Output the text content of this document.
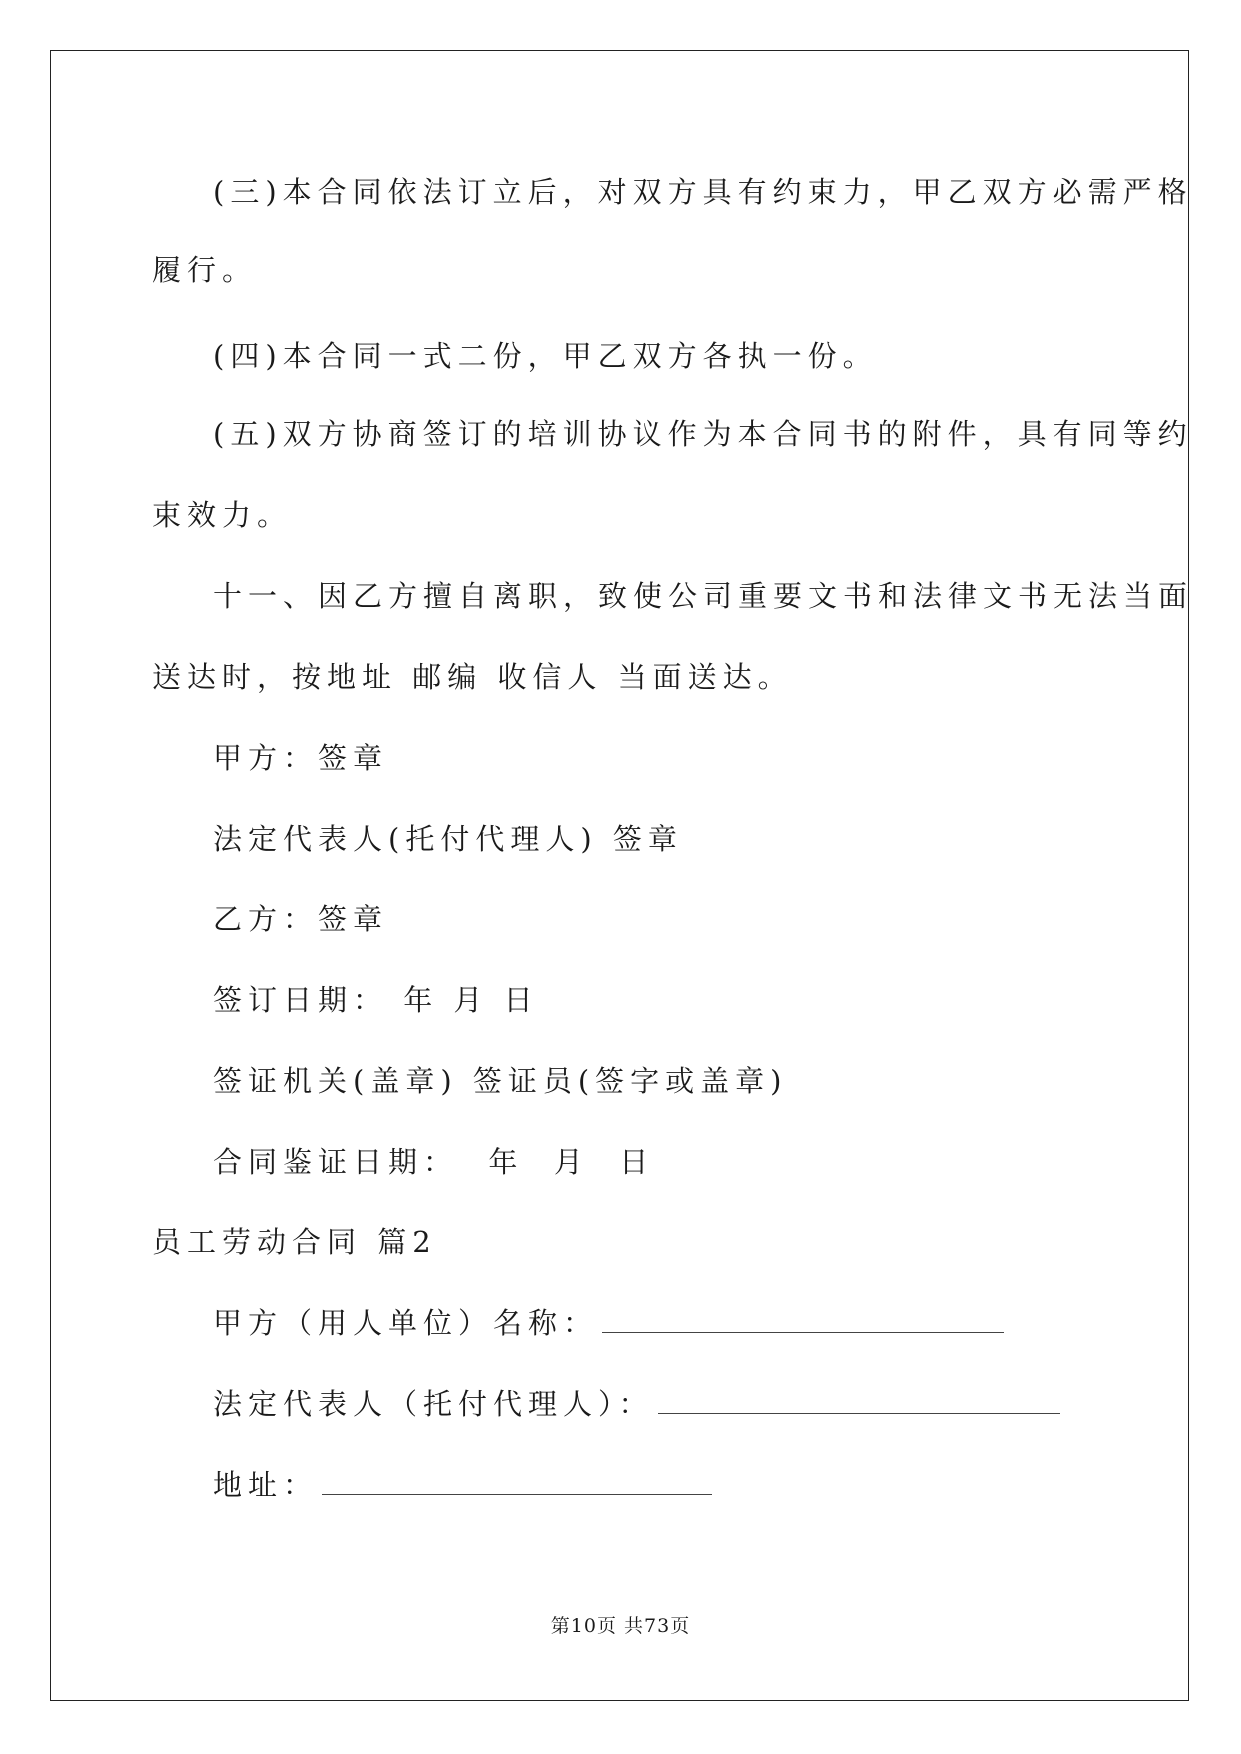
(三)本合同依法订立后，对双方具有约束力，甲乙双方必需严格
履行。
(四)本合同一式二份，甲乙双方各执一份。
(五)双方协商签订的培训协议作为本合同书的附件，具有同等约
束效力。
十一、因乙方擅自离职，致使公司重要文书和法律文书无法当面
送达时，按地址 邮编 收信人 当面送达。
甲方：签章
法定代表人(托付代理人) 签章
乙方：签章
签订日期： 年 月 日
签证机关(盖章) 签证员(签字或盖章)
合同鉴证日期：  年  月  日
员工劳动合同 篇2
甲方（用人单位）名称：
法定代表人（托付代理人）：
地址：
第10页 共73页
